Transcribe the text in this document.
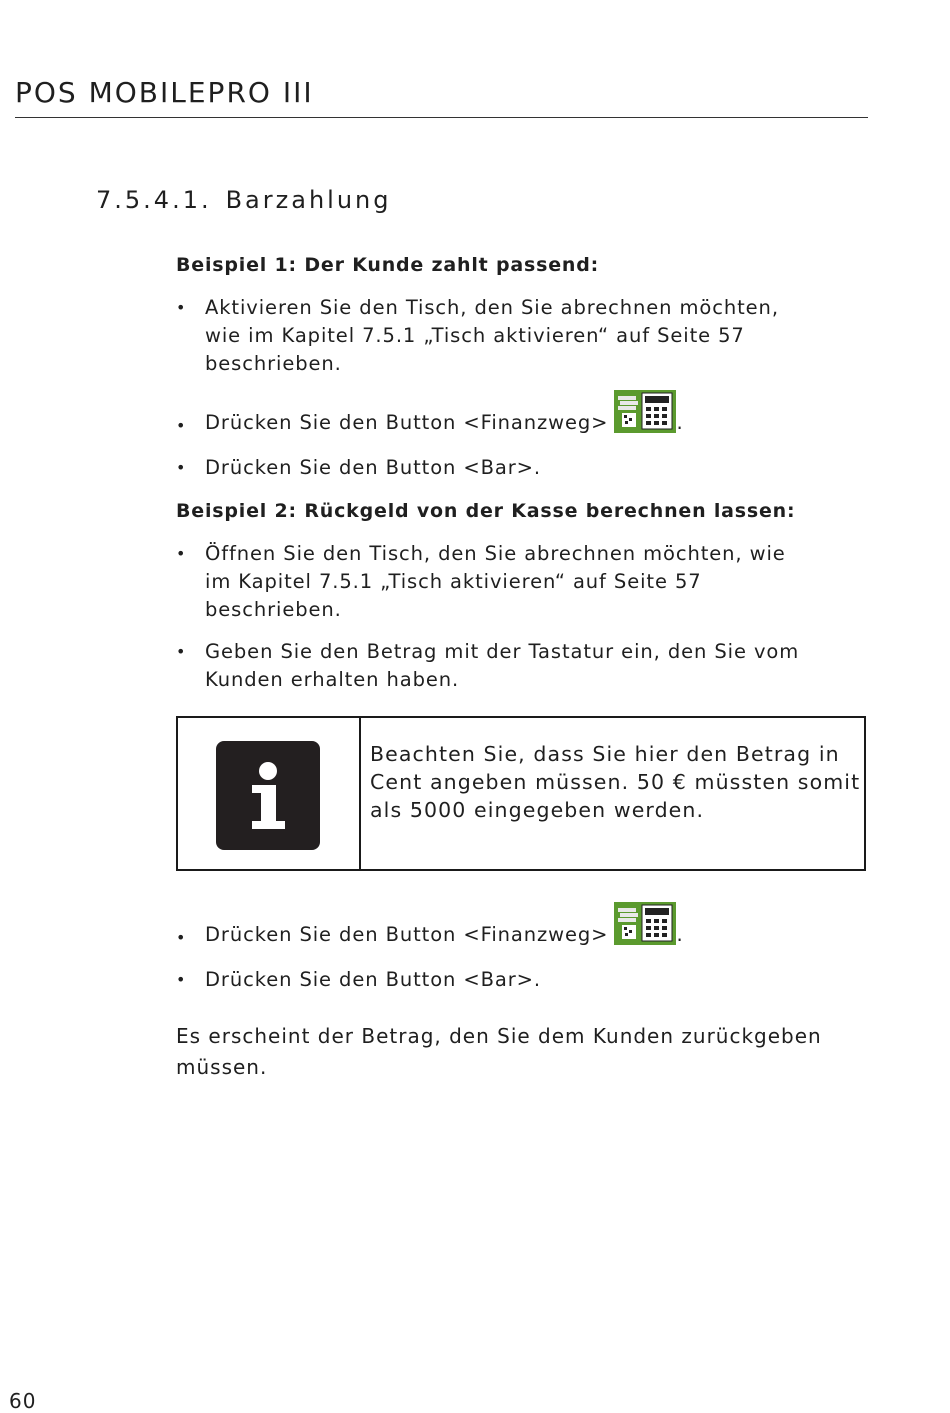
POS MOBILEPRO III
7.5.4.1. Barzahlung
Beispiel 1: Der Kunde zahlt passend:
• Aktivieren Sie den Tisch, den Sie abrechnen möchten, wie im Kapitel 7.5.1 „Tisch aktivieren“ auf Seite 57 beschrieben.
• Drücken Sie den Button <Finanzweg>	.
• Drücken Sie den Button <Bar>.
Beispiel 2: Rückgeld von der Kasse berechnen lassen:
• Öffnen Sie den Tisch, den Sie abrechnen möchten, wie im Kapitel 7.5.1 „Tisch aktivieren“ auf Seite 57 beschrieben.
• Geben Sie den Betrag mit der Tastatur ein, den Sie vom Kunden erhalten haben.
Beachten Sie, dass Sie hier den Betrag in Cent angeben müssen. 50 € müssten somit als 5000 eingegeben werden.
• Drücken Sie den Button <Finanzweg>	.
• Drücken Sie den Button <Bar>.
Es erscheint der Betrag, den Sie dem Kunden zurückgeben müssen.
60
